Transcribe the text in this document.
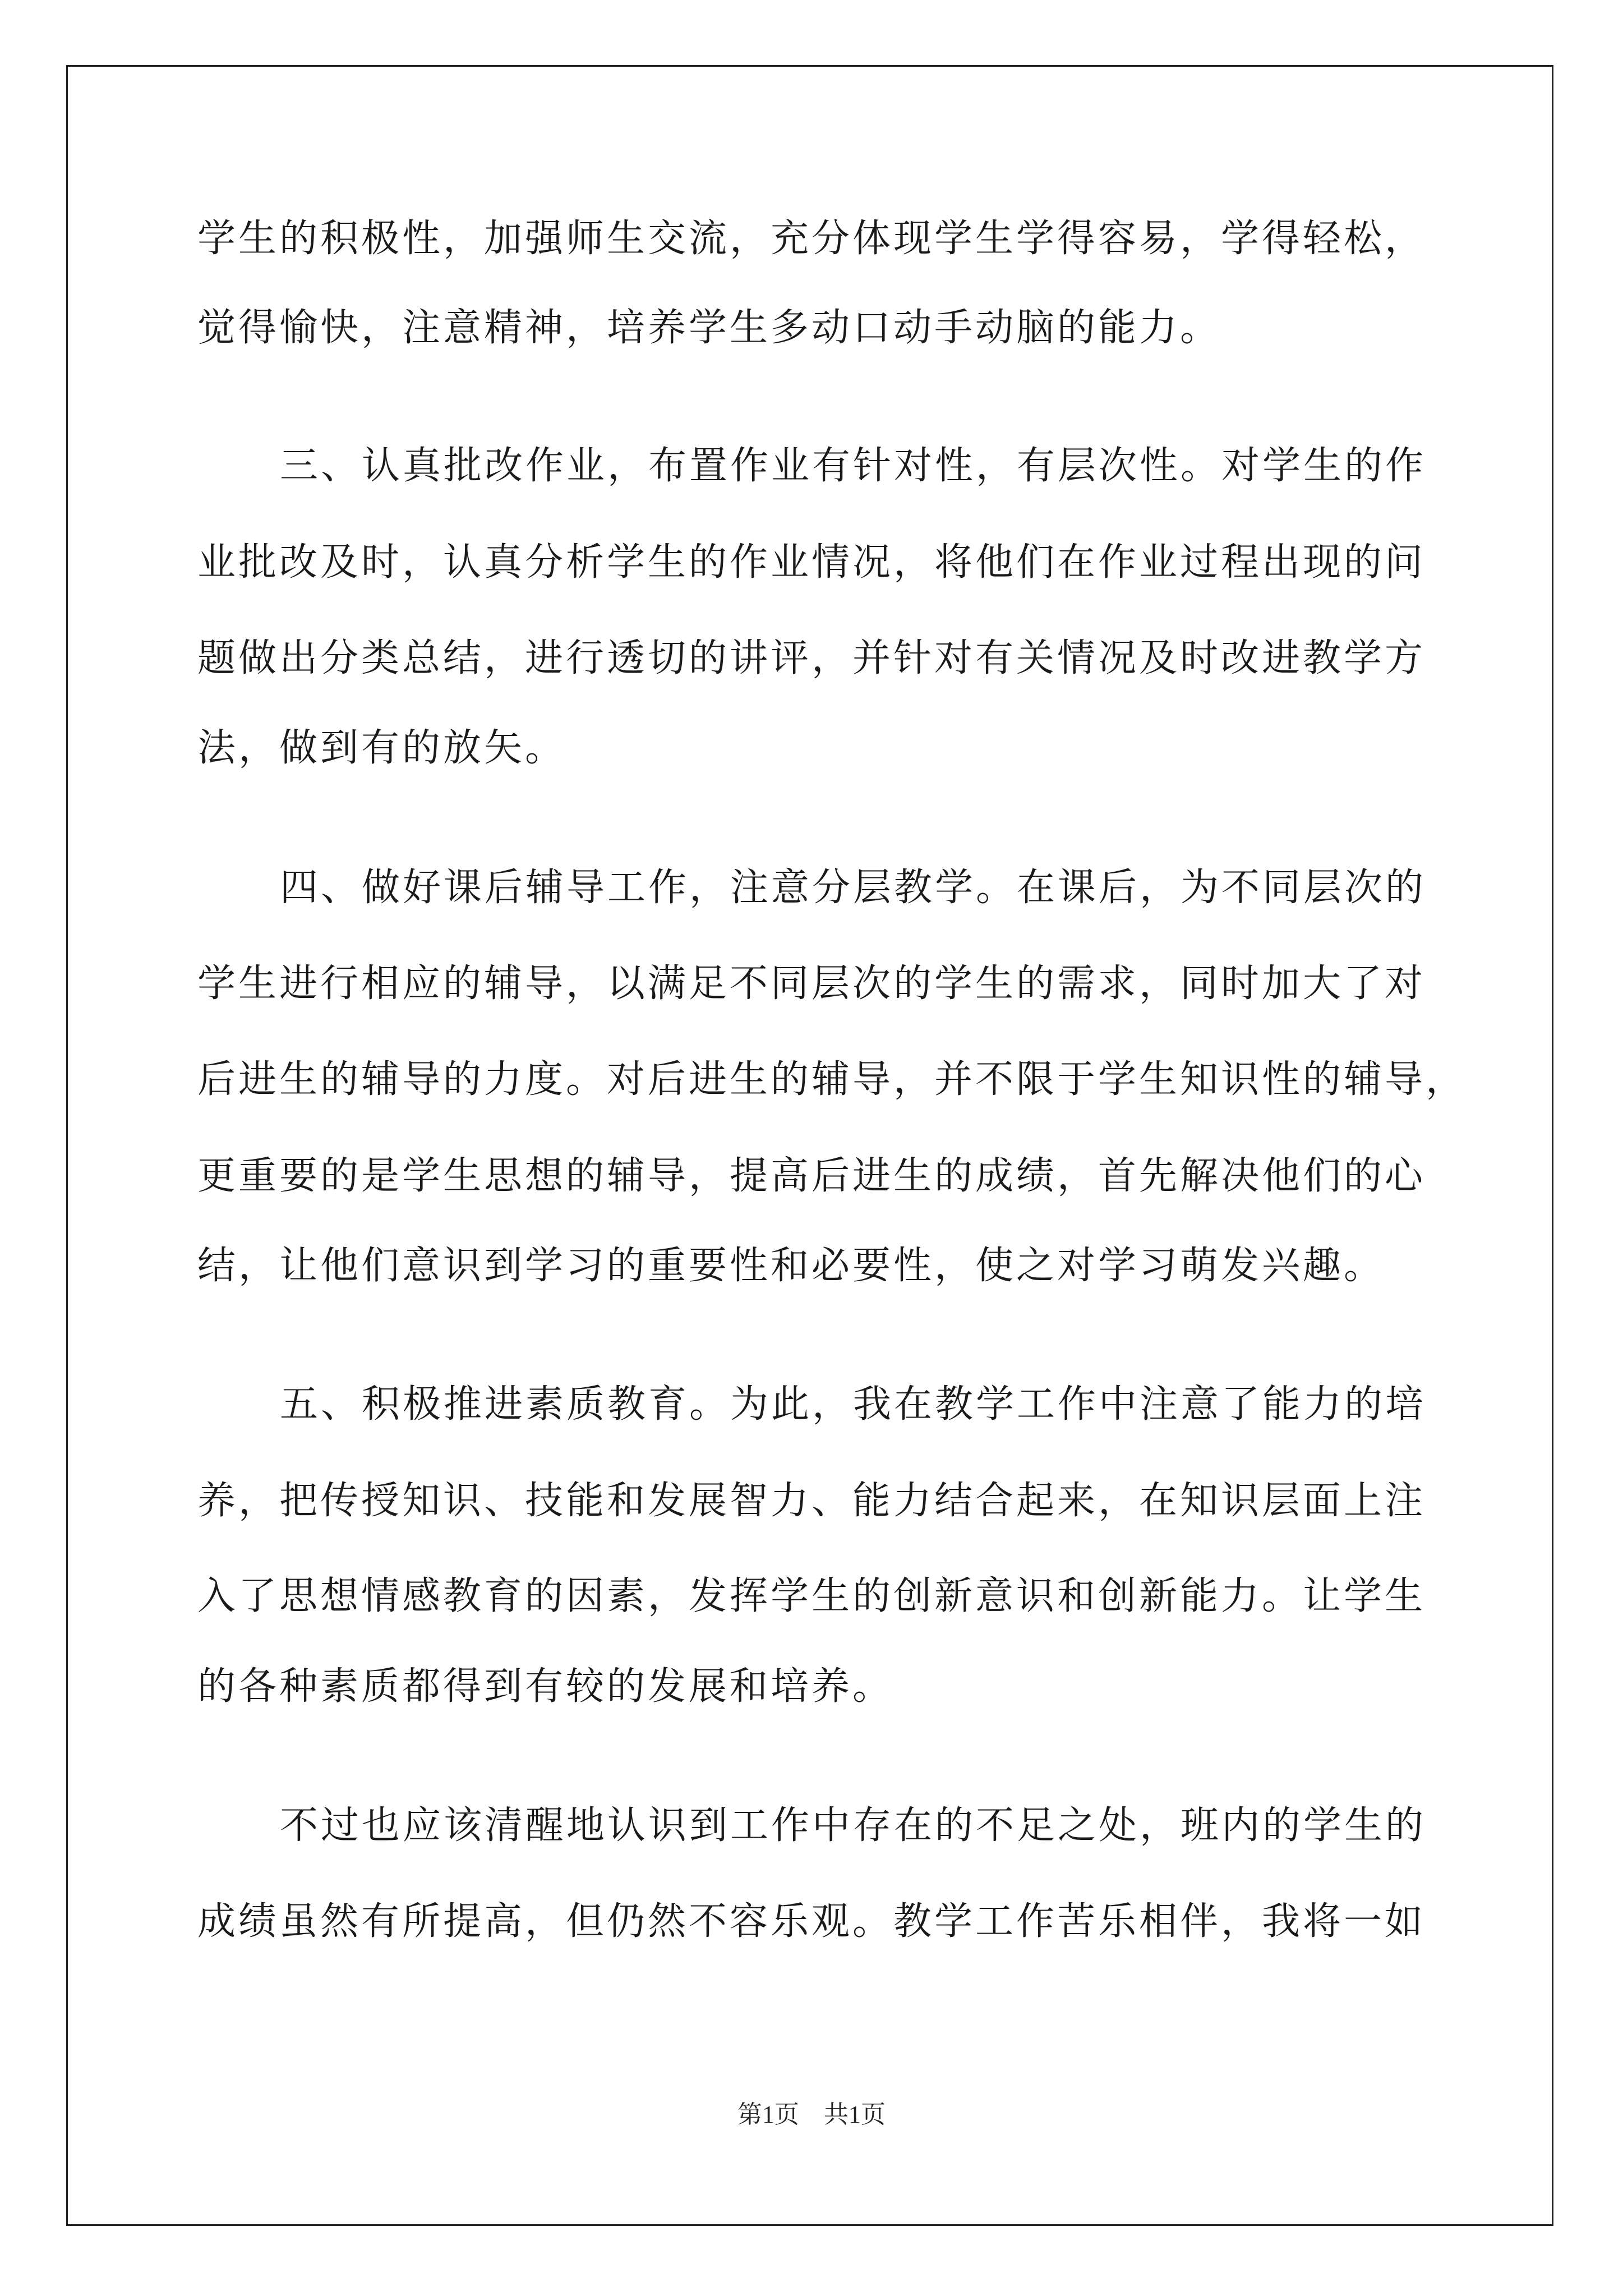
学生的积极性，加强师生交流，充分体现学生学得容易，学得轻松，
觉得愉快，注意精神，培养学生多动口动手动脑的能力。
三、认真批改作业，布置作业有针对性，有层次性。对学生的作
业批改及时，认真分析学生的作业情况，将他们在作业过程出现的问
题做出分类总结，进行透切的讲评，并针对有关情况及时改进教学方
法，做到有的放矢。
四、做好课后辅导工作，注意分层教学。在课后，为不同层次的
学生进行相应的辅导，以满足不同层次的学生的需求，同时加大了对
后进生的辅导的力度。对后进生的辅导，并不限于学生知识性的辅导，
更重要的是学生思想的辅导，提高后进生的成绩，首先解决他们的心
结，让他们意识到学习的重要性和必要性，使之对学习萌发兴趣。
五、积极推进素质教育。为此，我在教学工作中注意了能力的培
养，把传授知识、技能和发展智力、能力结合起来，在知识层面上注
入了思想情感教育的因素，发挥学生的创新意识和创新能力。让学生
的各种素质都得到有较的发展和培养。
不过也应该清醒地认识到工作中存在的不足之处，班内的学生的
成绩虽然有所提高，但仍然不容乐观。教学工作苦乐相伴，我将一如
第1页 共1页
